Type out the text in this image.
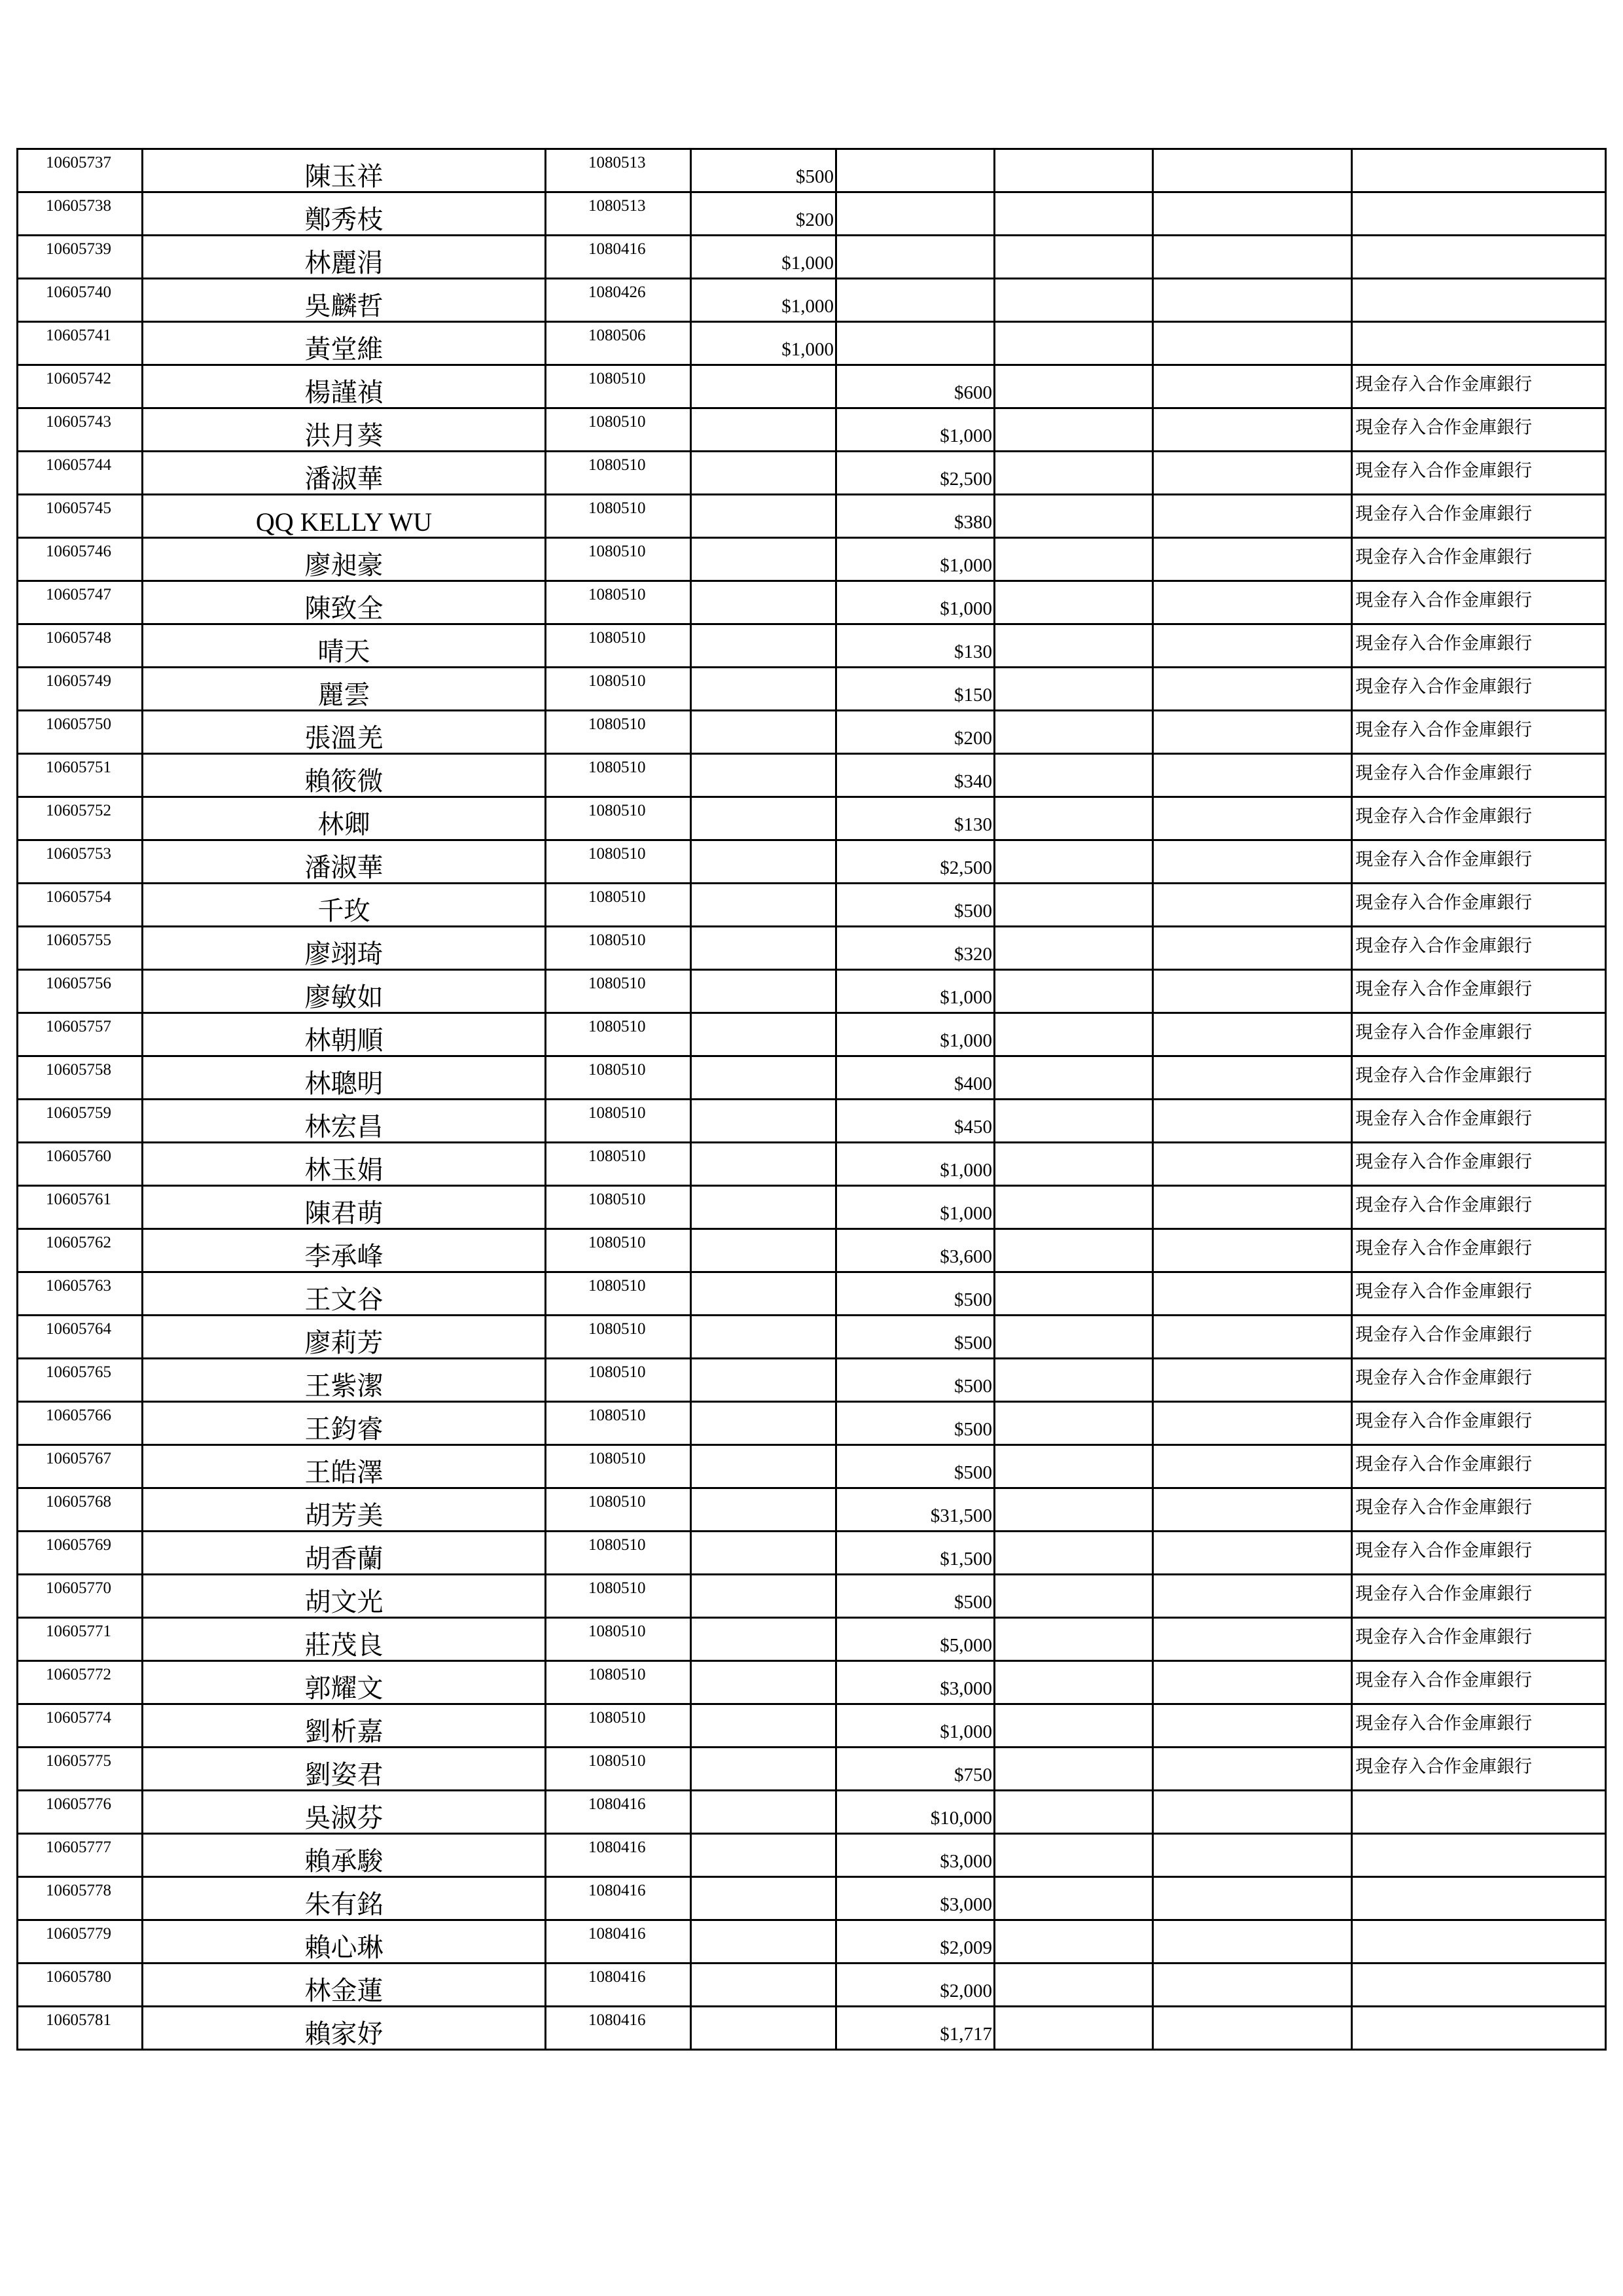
10605737	陳玉祥	1080513	$500				

10605738	鄭秀枝	1080513	$200				

10605739	林麗涓	1080416	$1,000				

10605740	吳麟哲	1080426	$1,000				

10605741	黃堂維	1080506	$1,000				

10605742	楊謹禎	1080510		$600			現金存入合作金庫銀行

10605743	洪月葵	1080510		$1,000			現金存入合作金庫銀行

10605744	潘淑華	1080510		$2,500			現金存入合作金庫銀行

10605745	QQ KELLY WU	1080510		$380			現金存入合作金庫銀行

10605746	廖昶豪	1080510		$1,000			現金存入合作金庫銀行

10605747	陳致全	1080510		$1,000			現金存入合作金庫銀行

10605748	晴天	1080510		$130			現金存入合作金庫銀行

10605749	麗雲	1080510		$150			現金存入合作金庫銀行

10605750	張溫羌	1080510		$200			現金存入合作金庫銀行

10605751	賴筱微	1080510		$340			現金存入合作金庫銀行

10605752	林卿	1080510		$130			現金存入合作金庫銀行

10605753	潘淑華	1080510		$2,500			現金存入合作金庫銀行

10605754	千玫	1080510		$500			現金存入合作金庫銀行

10605755	廖翊琦	1080510		$320			現金存入合作金庫銀行

10605756	廖敏如	1080510		$1,000			現金存入合作金庫銀行

10605757	林朝順	1080510		$1,000			現金存入合作金庫銀行

10605758	林聰明	1080510		$400			現金存入合作金庫銀行

10605759	林宏昌	1080510		$450			現金存入合作金庫銀行

10605760	林玉娟	1080510		$1,000			現金存入合作金庫銀行

10605761	陳君萌	1080510		$1,000			現金存入合作金庫銀行

10605762	李承峰	1080510		$3,600			現金存入合作金庫銀行

10605763	王文谷	1080510		$500			現金存入合作金庫銀行

10605764	廖莉芳	1080510		$500			現金存入合作金庫銀行

10605765	王紫潔	1080510		$500			現金存入合作金庫銀行

10605766	王鈞睿	1080510		$500			現金存入合作金庫銀行

10605767	王皓澤	1080510		$500			現金存入合作金庫銀行

10605768	胡芳美	1080510		$31,500			現金存入合作金庫銀行

10605769	胡香蘭	1080510		$1,500			現金存入合作金庫銀行

10605770	胡文光	1080510		$500			現金存入合作金庫銀行

10605771	莊茂良	1080510		$5,000			現金存入合作金庫銀行

10605772	郭耀文	1080510		$3,000			現金存入合作金庫銀行

10605774	劉析嘉	1080510		$1,000			現金存入合作金庫銀行

10605775	劉姿君	1080510		$750			現金存入合作金庫銀行

10605776	吳淑芬	1080416		$10,000			

10605777	賴承駿	1080416		$3,000			

10605778	朱有銘	1080416		$3,000			

10605779	賴心琳	1080416		$2,009			

10605780	林金蓮	1080416		$2,000			

10605781	賴家妤	1080416		$1,717			
